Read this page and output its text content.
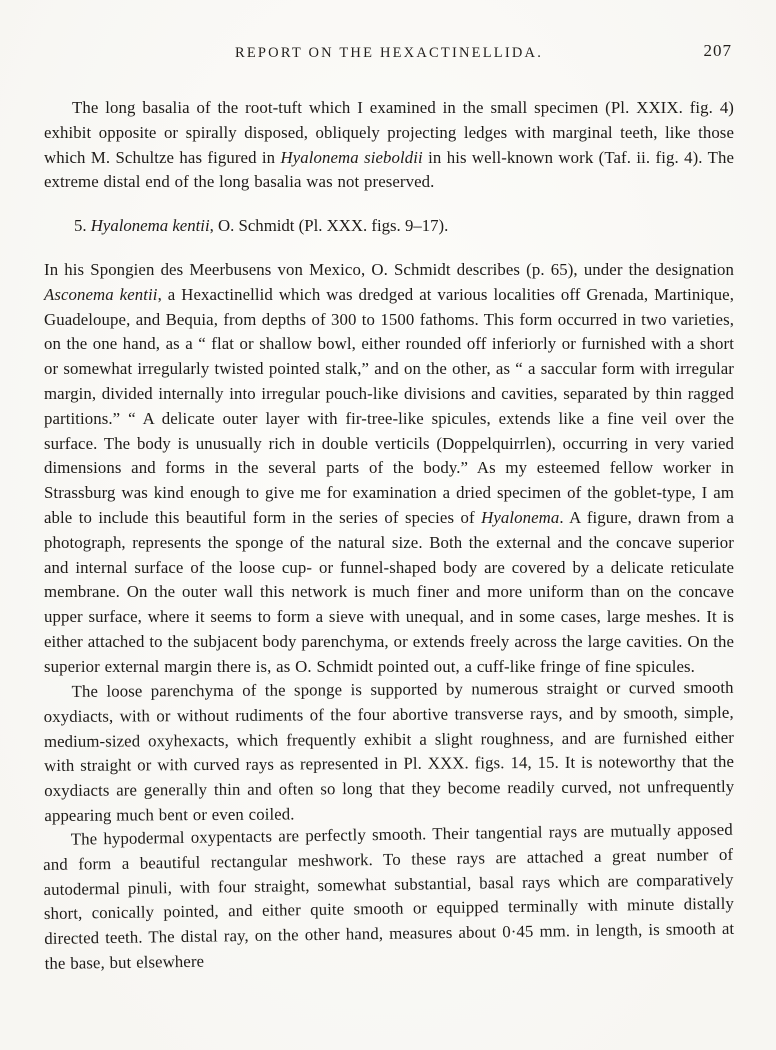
REPORT ON THE HEXACTINELLIDA.	207

The long basalia of the root-tuft which I examined in the small specimen (Pl. XXIX. fig. 4) exhibit opposite or spirally disposed, obliquely projecting ledges with marginal teeth, like those which M. Schultze has figured in Hyalonema sieboldii in his well-known work (Taf. ii. fig. 4). The extreme distal end of the long basalia was not preserved.

5. Hyalonema kentii, O. Schmidt (Pl. XXX. figs. 9–17).

In his Spongien des Meerbusens von Mexico, O. Schmidt describes (p. 65), under the designation Asconema kentii, a Hexactinellid which was dredged at various localities off Grenada, Martinique, Guadeloupe, and Bequia, from depths of 300 to 1500 fathoms. This form occurred in two varieties, on the one hand, as a “ flat or shallow bowl, either rounded off inferiorly or furnished with a short or somewhat irregularly twisted pointed stalk,” and on the other, as “ a saccular form with irregular margin, divided internally into irregular pouch-like divisions and cavities, separated by thin ragged partitions.” “ A delicate outer layer with fir-tree-like spicules, extends like a fine veil over the surface. The body is unusually rich in double verticils (Doppelquirrlen), occurring in very varied dimensions and forms in the several parts of the body.” As my esteemed fellow worker in Strassburg was kind enough to give me for examination a dried specimen of the goblet-type, I am able to include this beautiful form in the series of species of Hyalonema. A figure, drawn from a photograph, represents the sponge of the natural size. Both the external and the concave superior and internal surface of the loose cup- or funnel-shaped body are covered by a delicate reticulate membrane. On the outer wall this network is much finer and more uniform than on the concave upper surface, where it seems to form a sieve with unequal, and in some cases, large meshes. It is either attached to the subjacent body parenchyma, or extends freely across the large cavities. On the superior external margin there is, as O. Schmidt pointed out, a cuff-like fringe of fine spicules.

The loose parenchyma of the sponge is supported by numerous straight or curved smooth oxydiacts, with or without rudiments of the four abortive transverse rays, and by smooth, simple, medium-sized oxyhexacts, which frequently exhibit a slight roughness, and are furnished either with straight or with curved rays as represented in Pl. XXX. figs. 14, 15. It is noteworthy that the oxydiacts are generally thin and often so long that they become readily curved, not unfrequently appearing much bent or even coiled.

The hypodermal oxypentacts are perfectly smooth. Their tangential rays are mutually apposed and form a beautiful rectangular meshwork. To these rays are attached a great number of autodermal pinuli, with four straight, somewhat substantial, basal rays which are comparatively short, conically pointed, and either quite smooth or equipped terminally with minute distally directed teeth. The distal ray, on the other hand, measures about 0·45 mm. in length, is smooth at the base, but elsewhere
